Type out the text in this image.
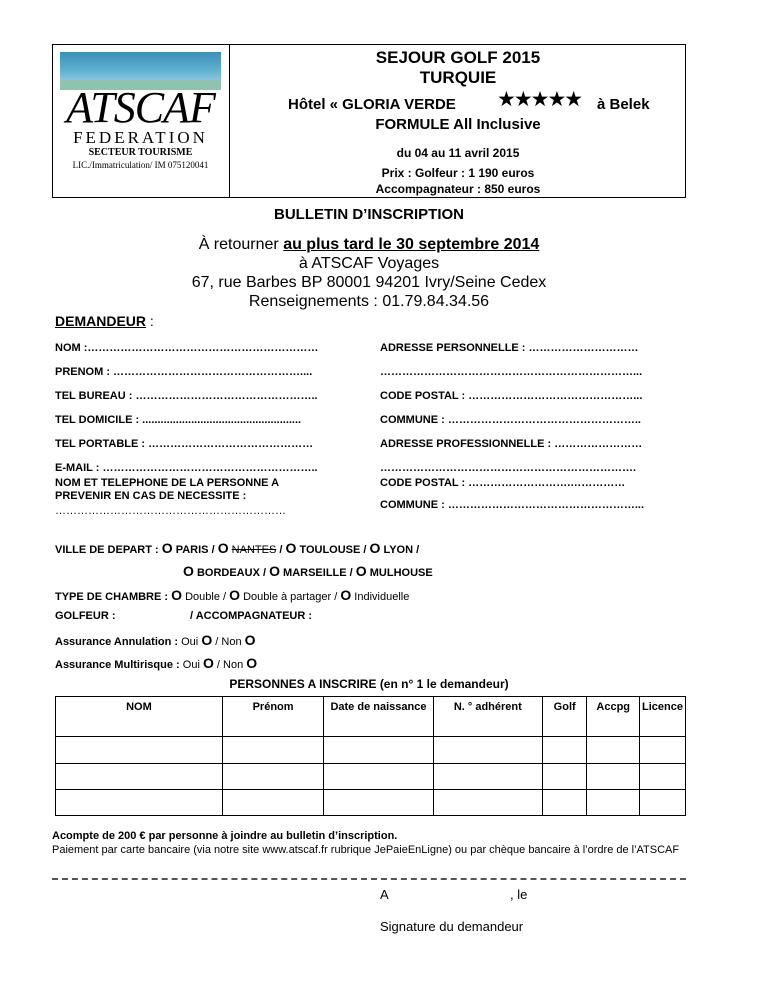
ATSCAF
FEDERATION
SECTEUR TOURISME
LIC./Immatriculation/ IM 075120041
SEJOUR GOLF 2015
TURQUIE
Hôtel « GLORIA VERDE ★★★★★ à Belek
FORMULE All Inclusive
du 04 au 11 avril 2015
Prix : Golfeur : 1 190 euros
Accompagnateur : 850 euros
BULLETIN D’INSCRIPTION
À retourner au plus tard le 30 septembre 2014
à ATSCAF Voyages
67, rue Barbes BP 80001 94201 Ivry/Seine Cedex
Renseignements : 01.79.84.34.56
DEMANDEUR :
NOM :………………………………………………………
PRENOM : ……………………………………………....
TEL BUREAU : …………………………………………..
TEL DOMICILE : ....................................................
TEL PORTABLE : ………………………………………
E-MAIL : …………………………………………………..
NOM ET TELEPHONE DE LA PERSONNE A
PREVENIR EN CAS DE NECESSITE :
………………………………………………………
ADRESSE PERSONNELLE : …………………………
……………………………………………………………...
CODE POSTAL : ………………………………………...
COMMUNE : ……………………………………………..
ADRESSE PROFESSIONNELLE : ……………………
…………………………………………………………….
CODE POSTAL : ……………………….……………
COMMUNE : ……………………………………………...
VILLE DE DEPART : O PARIS / O NANTES / O TOULOUSE / O LYON /
O BORDEAUX / O MARSEILLE / O MULHOUSE
TYPE DE CHAMBRE : O Double / O Double à partager / O Individuelle
GOLFEUR :	/ ACCOMPAGNATEUR :
Assurance Annulation : Oui O / Non O
Assurance Multirisque : Oui O / Non O
PERSONNES A INSCRIRE (en n° 1 le demandeur)
NOM	Prénom	Date de naissance	N. ° adhérent	Golf	Accpg	Licence

Acompte de 200 € par personne à joindre au bulletin d’inscription.
Paiement par carte bancaire (via notre site www.atscaf.fr rubrique JePaieEnLigne) ou par chèque bancaire à l’ordre de l’ATSCAF
A	, le
Signature du demandeur
